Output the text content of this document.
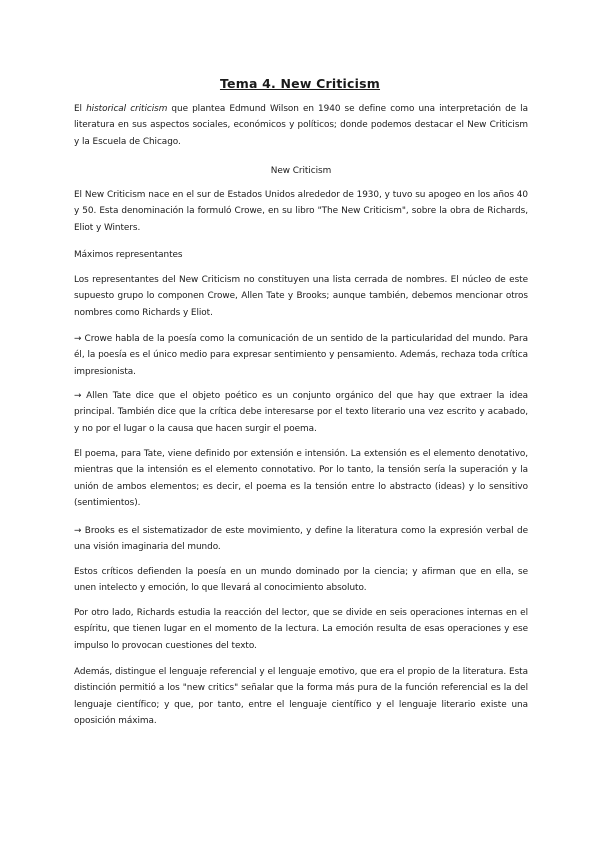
Tema 4. New Criticism

El historical criticism que plantea Edmund Wilson en 1940 se define como una interpretación de la literatura en sus aspectos sociales, económicos y políticos; donde podemos destacar el New Criticism y la Escuela de Chicago.

New Criticism

El New Criticism nace en el sur de Estados Unidos alrededor de 1930, y tuvo su apogeo en los años 40 y 50. Esta denominación la formuló Crowe, en su libro "The New Criticism", sobre la obra de Richards, Eliot y Winters.

Máximos representantes

Los representantes del New Criticism no constituyen una lista cerrada de nombres. El núcleo de este supuesto grupo lo componen Crowe, Allen Tate y Brooks; aunque también, debemos mencionar otros nombres como Richards y Eliot.

→ Crowe habla de la poesía como la comunicación de un sentido de la particularidad del mundo. Para él, la poesía es el único medio para expresar sentimiento y pensamiento. Además, rechaza toda crítica impresionista.

→ Allen Tate dice que el objeto poético es un conjunto orgánico del que hay que extraer la idea principal. También dice que la crítica debe interesarse por el texto literario una vez escrito y acabado, y no por el lugar o la causa que hacen surgir el poema.

El poema, para Tate, viene definido por extensión e intensión. La extensión es el elemento denotativo, mientras que la intensión es el elemento connotativo. Por lo tanto, la tensión sería la superación y la unión de ambos elementos; es decir, el poema es la tensión entre lo abstracto (ideas) y lo sensitivo (sentimientos).

→ Brooks es el sistematizador de este movimiento, y define la literatura como la expresión verbal de una visión imaginaria del mundo.

Estos críticos defienden la poesía en un mundo dominado por la ciencia; y afirman que en ella, se unen intelecto y emoción, lo que llevará al conocimiento absoluto.

Por otro lado, Richards estudia la reacción del lector, que se divide en seis operaciones internas en el espíritu, que tienen lugar en el momento de la lectura. La emoción resulta de esas operaciones y ese impulso lo provocan cuestiones del texto.

Además, distingue el lenguaje referencial y el lenguaje emotivo, que era el propio de la literatura. Esta distinción permitió a los "new critics" señalar que la forma más pura de la función referencial es la del lenguaje científico; y que, por tanto, entre el lenguaje científico y el lenguaje literario existe una oposición máxima.
